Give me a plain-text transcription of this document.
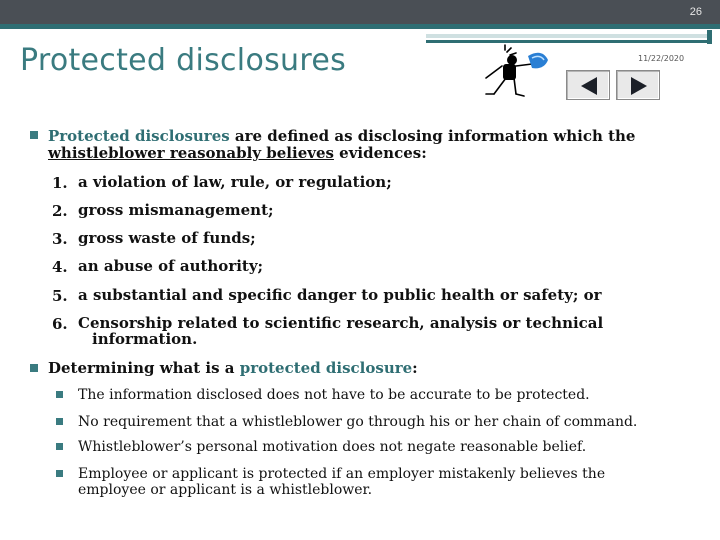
26
Protected disclosures	11/22/2020
Protected disclosures are defined as disclosing information which the
whistleblower reasonably believes evidences:
1. a violation of law, rule, or regulation;
2. gross mismanagement;
3. gross waste of funds;
4. an abuse of authority;
5. a substantial and specific danger to public health or safety; or
6. Censorship related to scientific research, analysis or technical
information.
Determining what is a protected disclosure:
The information disclosed does not have to be accurate to be protected.
No requirement that a whistleblower go through his or her chain of command.
Whistleblower’s personal motivation does not negate reasonable belief.
Employee or applicant is protected if an employer mistakenly believes the
employee or applicant is a whistleblower.
